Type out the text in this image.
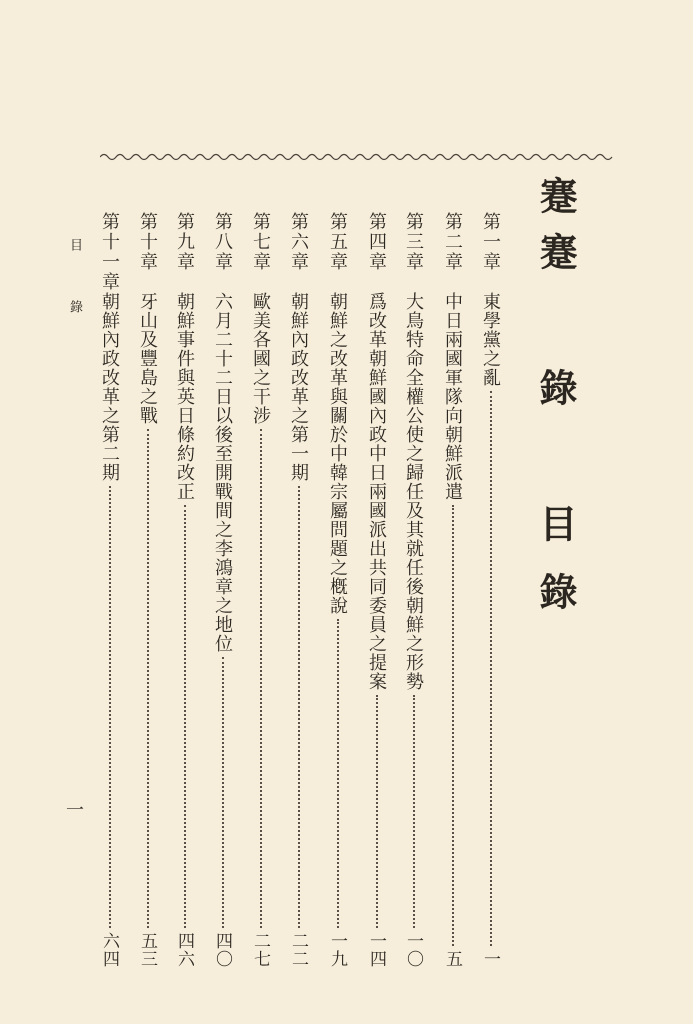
蹇
蹇　錄　目錄
目　錄
一
第一章
東學黨之亂
一
第二章
中日兩國軍隊向朝鮮派遣
五
第三章
大鳥特命全權公使之歸任及其就任後朝鮮之形勢
一〇
第四章
爲改革朝鮮國內政中日兩國派出共同委員之提案
一四
第五章
朝鮮之改革與關於中韓宗屬問題之槪說
一九
第六章
朝鮮內政改革之第一期
二二
第七章
歐美各國之干涉
二七
第八章
六月二十二日以後至開戰間之李鴻章之地位
四〇
第九章
朝鮮事件與英日條約改正
四六
第十章
牙山及豐島之戰
五三
第十一章
朝鮮內政改革之第二期
六四
